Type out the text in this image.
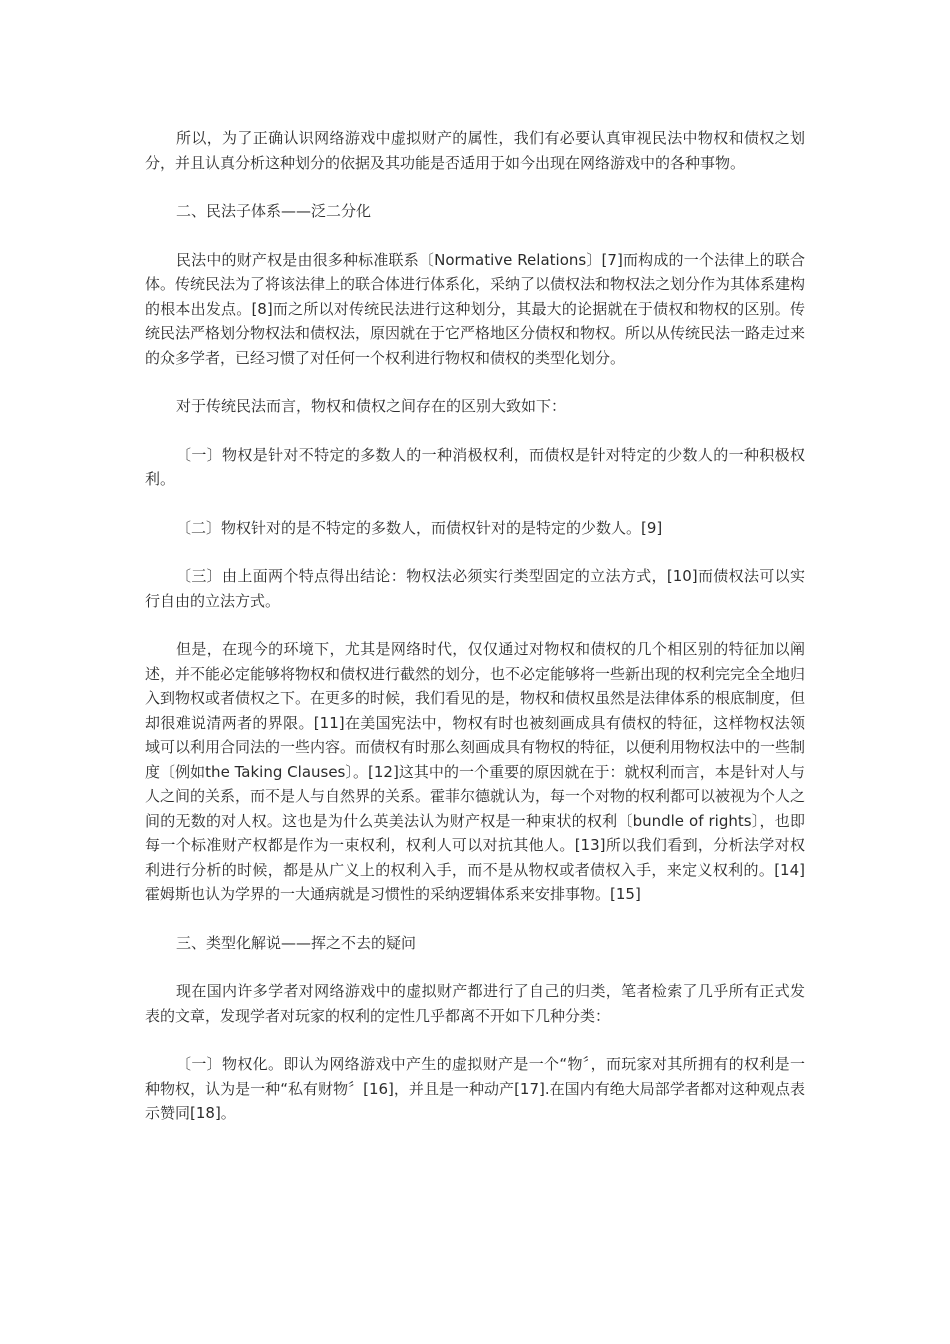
所以，为了正确认识网络游戏中虚拟财产的属性，我们有必要认真审视民法中物权和债权之划分，并且认真分析这种划分的依据及其功能是否适用于如今出现在网络游戏中的各种事物。

二、民法子体系——泛二分化

民法中的财产权是由很多种标准联系〔Normative Relations〕[7]而构成的一个法律上的联合体。传统民法为了将该法律上的联合体进行体系化，采纳了以债权法和物权法之划分作为其体系建构的根本出发点。[8]而之所以对传统民法进行这种划分，其最大的论据就在于债权和物权的区别。传统民法严格划分物权法和债权法，原因就在于它严格地区分债权和物权。所以从传统民法一路走过来的众多学者，已经习惯了对任何一个权利进行物权和债权的类型化划分。

对于传统民法而言，物权和债权之间存在的区别大致如下：

〔一〕物权是针对不特定的多数人的一种消极权利，而债权是针对特定的少数人的一种积极权利。

〔二〕物权针对的是不特定的多数人，而债权针对的是特定的少数人。[9]

〔三〕由上面两个特点得出结论：物权法必须实行类型固定的立法方式，[10]而债权法可以实行自由的立法方式。

但是，在现今的环境下，尤其是网络时代，仅仅通过对物权和债权的几个相区别的特征加以阐述，并不能必定能够将物权和债权进行截然的划分，也不必定能够将一些新出现的权利完完全全地归入到物权或者债权之下。在更多的时候，我们看见的是，物权和债权虽然是法律体系的根底制度，但却很难说清两者的界限。[11]在美国宪法中，物权有时也被刻画成具有债权的特征，这样物权法领域可以利用合同法的一些内容。而债权有时那么刻画成具有物权的特征，以便利用物权法中的一些制度〔例如the Taking Clauses〕。[12]这其中的一个重要的原因就在于：就权利而言，本是针对人与人之间的关系，而不是人与自然界的关系。霍菲尔德就认为，每一个对物的权利都可以被视为个人之间的无数的对人权。这也是为什么英美法认为财产权是一种束状的权利〔bundle of rights〕，也即每一个标准财产权都是作为一束权利，权利人可以对抗其他人。[13]所以我们看到，分析法学对权利进行分析的时候，都是从广义上的权利入手，而不是从物权或者债权入手，来定义权利的。[14]霍姆斯也认为学界的一大通病就是习惯性的采纳逻辑体系来安排事物。[15]

三、类型化解说——挥之不去的疑问

现在国内许多学者对网络游戏中的虚拟财产都进行了自己的归类，笔者检索了几乎所有正式发表的文章，发现学者对玩家的权利的定性几乎都离不开如下几种分类：

〔一〕物权化。即认为网络游戏中产生的虚拟财产是一个“物〞，而玩家对其所拥有的权利是一种物权，认为是一种“私有财物〞[16]，并且是一种动产[17].在国内有绝大局部学者都对这种观点表示赞同[18]。
